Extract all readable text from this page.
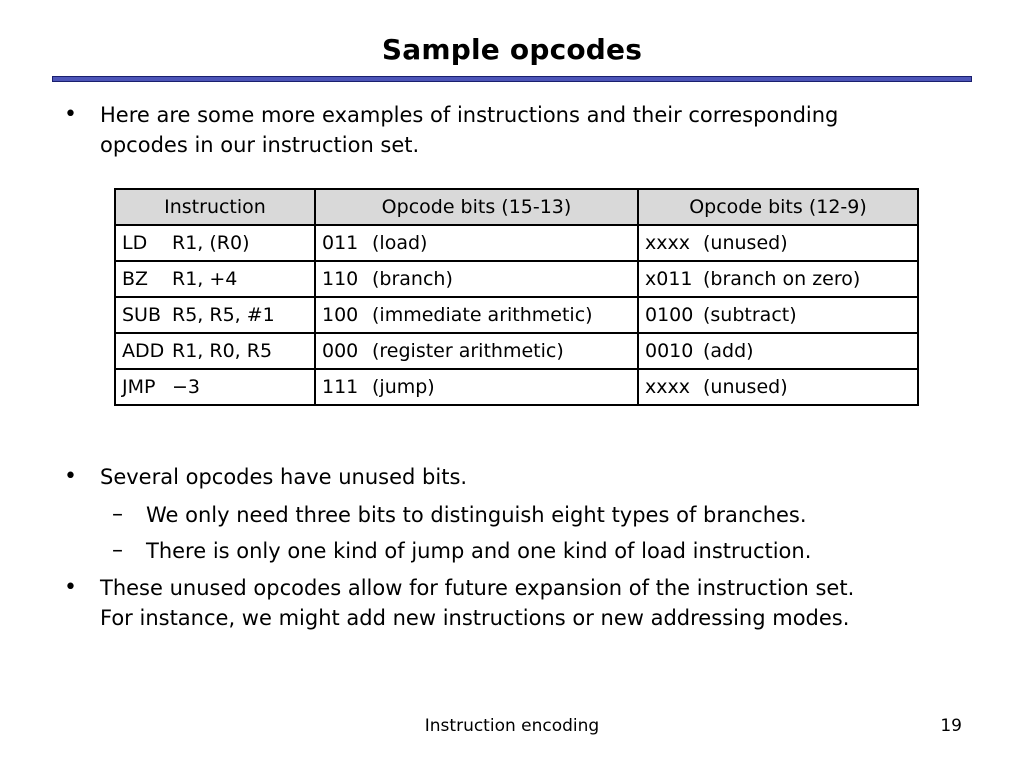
Sample opcodes
• Here are some more examples of instructions and their corresponding
opcodes in our instruction set.
Instruction	Opcode bits (15-13)	Opcode bits (12-9)
LD R1, (R0)	011 (load)	xxxx (unused)
BZ R1, +4	110 (branch)	x011 (branch on zero)
SUB R5, R5, #1	100 (immediate arithmetic)	0100 (subtract)
ADD R1, R0, R5	000 (register arithmetic)	0010 (add)
JMP −3	111 (jump)	xxxx (unused)
• Several opcodes have unused bits.
– We only need three bits to distinguish eight types of branches.
– There is only one kind of jump and one kind of load instruction.
• These unused opcodes allow for future expansion of the instruction set.
For instance, we might add new instructions or new addressing modes.
Instruction encoding	19
